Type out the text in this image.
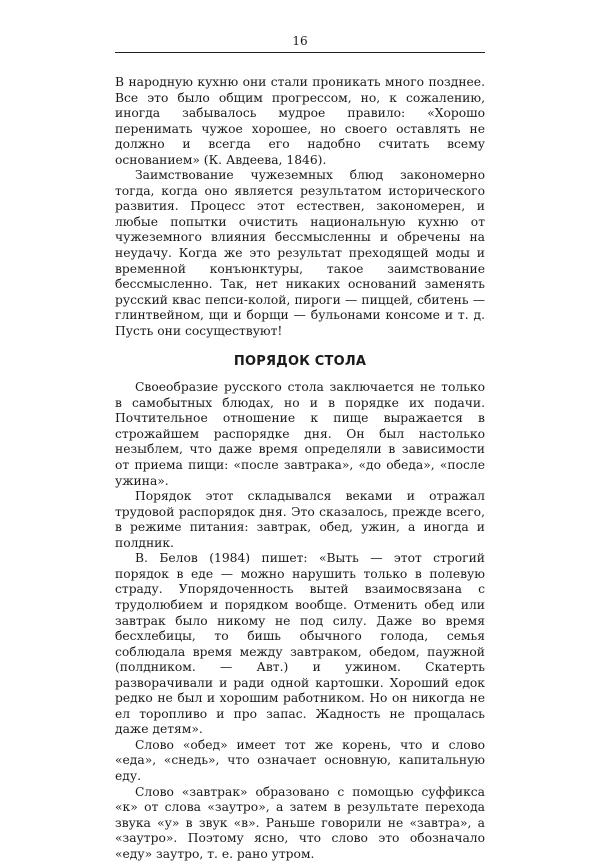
16

В народную кухню они стали проникать много позднее. Все это было общим прогрессом, но, к сожалению, иногда забывалось мудрое правило: «Хорошо перенимать чужое хорошее, но своего оставлять не должно и всегда его надобно считать всему основанием» (К. Авдеева, 1846).

Заимствование чужеземных блюд закономерно тогда, когда оно является результатом исторического развития. Процесс этот естествен, закономерен, и любые попытки очистить национальную кухню от чужеземного влияния бессмысленны и обречены на неудачу. Когда же это результат преходящей моды и временной конъюнктуры, такое заимствование бессмысленно. Так, нет никаких оснований заменять русский квас пепси-колой, пироги — пиццей, сбитень — глинтвейном, щи и борщи — бульонами консоме и т. д. Пусть они сосуществуют!

ПОРЯДОК СТОЛА

Своеобразие русского стола заключается не только в самобытных блюдах, но и в порядке их подачи. Почтительное отношение к пище выражается в строжайшем распорядке дня. Он был настолько незыблем, что даже время определяли в зависимости от приема пищи: «после завтрака», «до обеда», «после ужина».

Порядок этот складывался веками и отражал трудовой распорядок дня. Это сказалось, прежде всего, в режиме питания: завтрак, обед, ужин, а иногда и полдник.

В. Белов (1984) пишет: «Выть — этот строгий порядок в еде — можно нарушить только в полевую страду. Упорядоченность вытей взаимосвязана с трудолюбием и порядком вообще. Отменить обед или завтрак было никому не под силу. Даже во время бесхлебицы, то бишь обычного голода, семья соблюдала время между завтраком, обедом, паужной (полдником. — Авт.) и ужином. Скатерть разворачивали и ради одной картошки. Хороший едок редко не был и хорошим работником. Но он никогда не ел торопливо и про запас. Жадность не прощалась даже детям».

Слово «обед» имеет тот же корень, что и слово «еда», «снедь», что означает основную, капитальную еду.

Слово «завтрак» образовано с помощью суффикса «к» от слова «заутро», а затем в результате перехода звука «у» в звук «в». Раньше говорили не «завтра», а «заутро». Поэтому ясно, что слово это обозначало «еду» заутро, т. е. рано утром.
